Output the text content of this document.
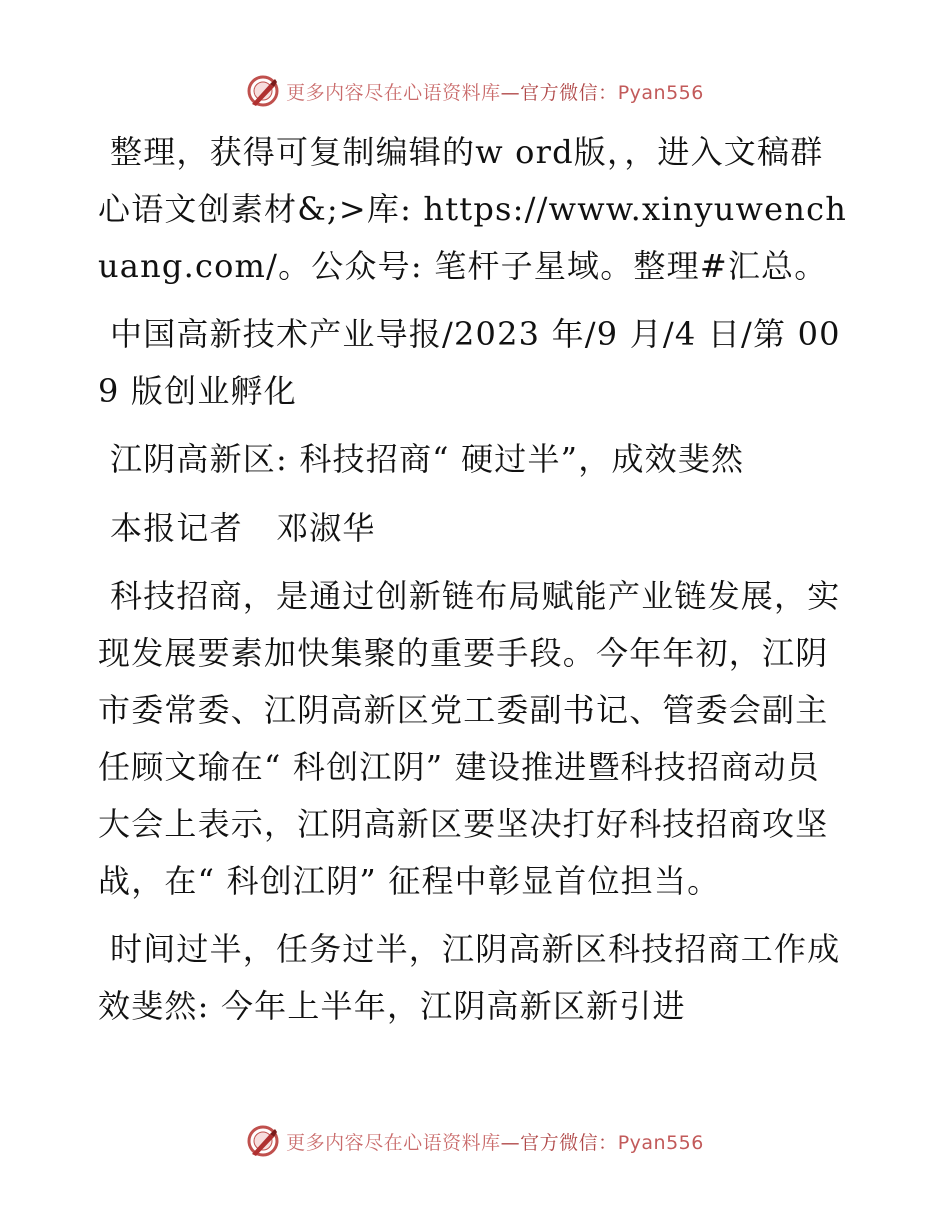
更多内容尽在心语资料库—官方微信：Pyan556

整理，获得可复制编辑的w ord版，，进入文稿群心语文创素材&;>库: https://www.xinyuwenchuang.com/。公众号: 笔杆子星域。整理#汇总。

中国高新技术产业导报/2023 年/9 月/4 日/第 009 版创业孵化

江阴高新区: 科技招商“ 硬过半”，成效斐然

本报记者　邓淑华

科技招商，是通过创新链布局赋能产业链发展，实现发展要素加快集聚的重要手段。今年年初，江阴市委常委、江阴高新区党工委副书记、管委会副主任顾文瑜在“ 科创江阴” 建设推进暨科技招商动员大会上表示，江阴高新区要坚决打好科技招商攻坚战，在“ 科创江阴” 征程中彰显首位担当。

时间过半，任务过半，江阴高新区科技招商工作成效斐然: 今年上半年，江阴高新区新引进

更多内容尽在心语资料库—官方微信：Pyan556
